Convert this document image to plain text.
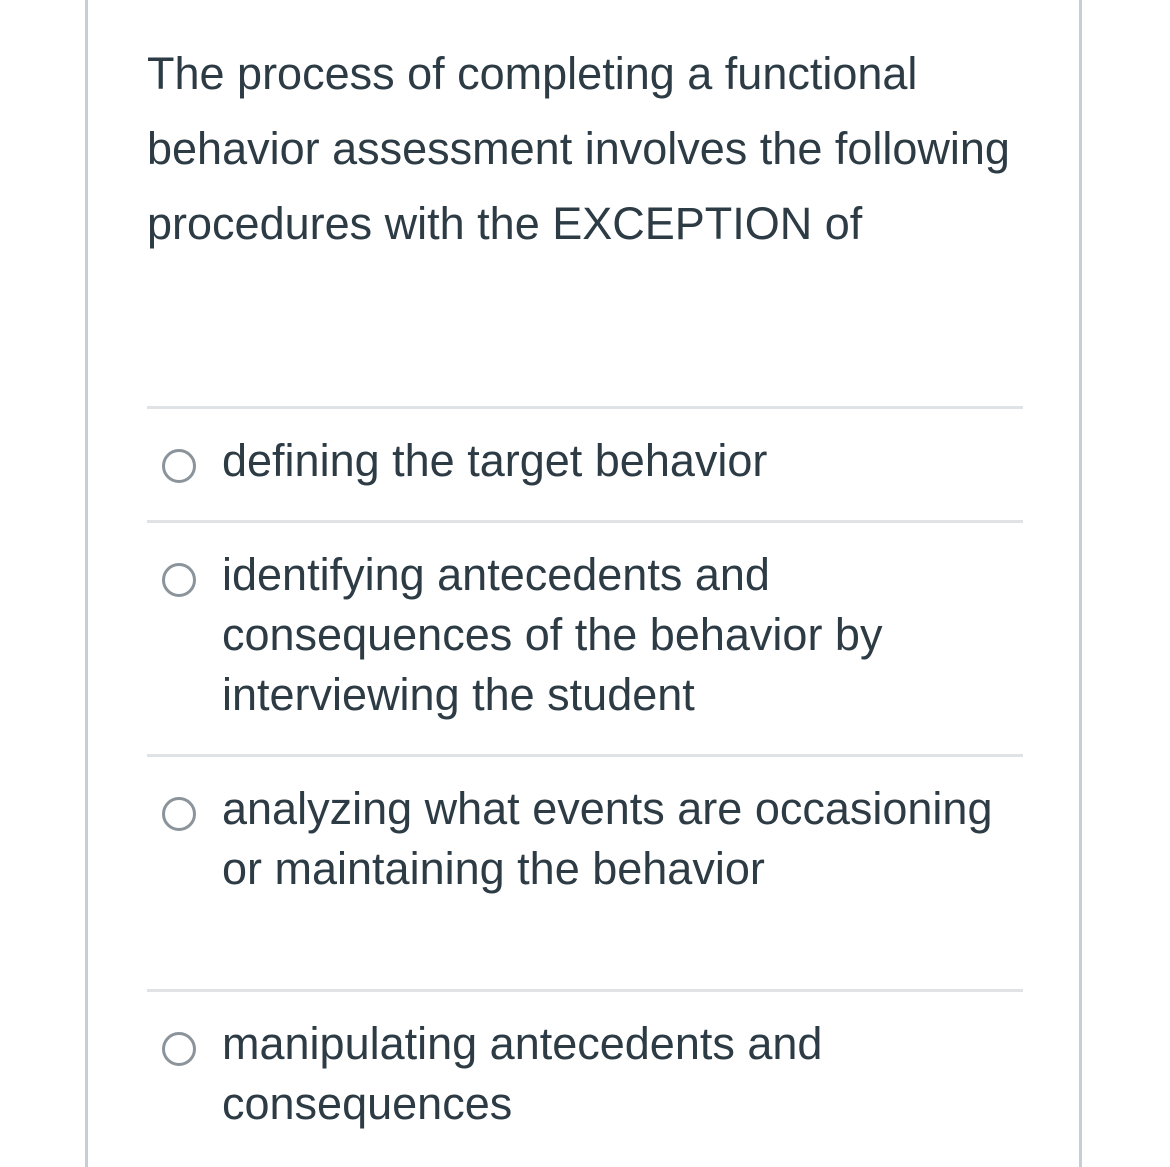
The process of completing a functional behavior assessment involves the following procedures with the EXCEPTION of

defining the target behavior
identifying antecedents and consequences of the behavior by interviewing the student
analyzing what events are occasioning or maintaining the behavior
manipulating antecedents and consequences
